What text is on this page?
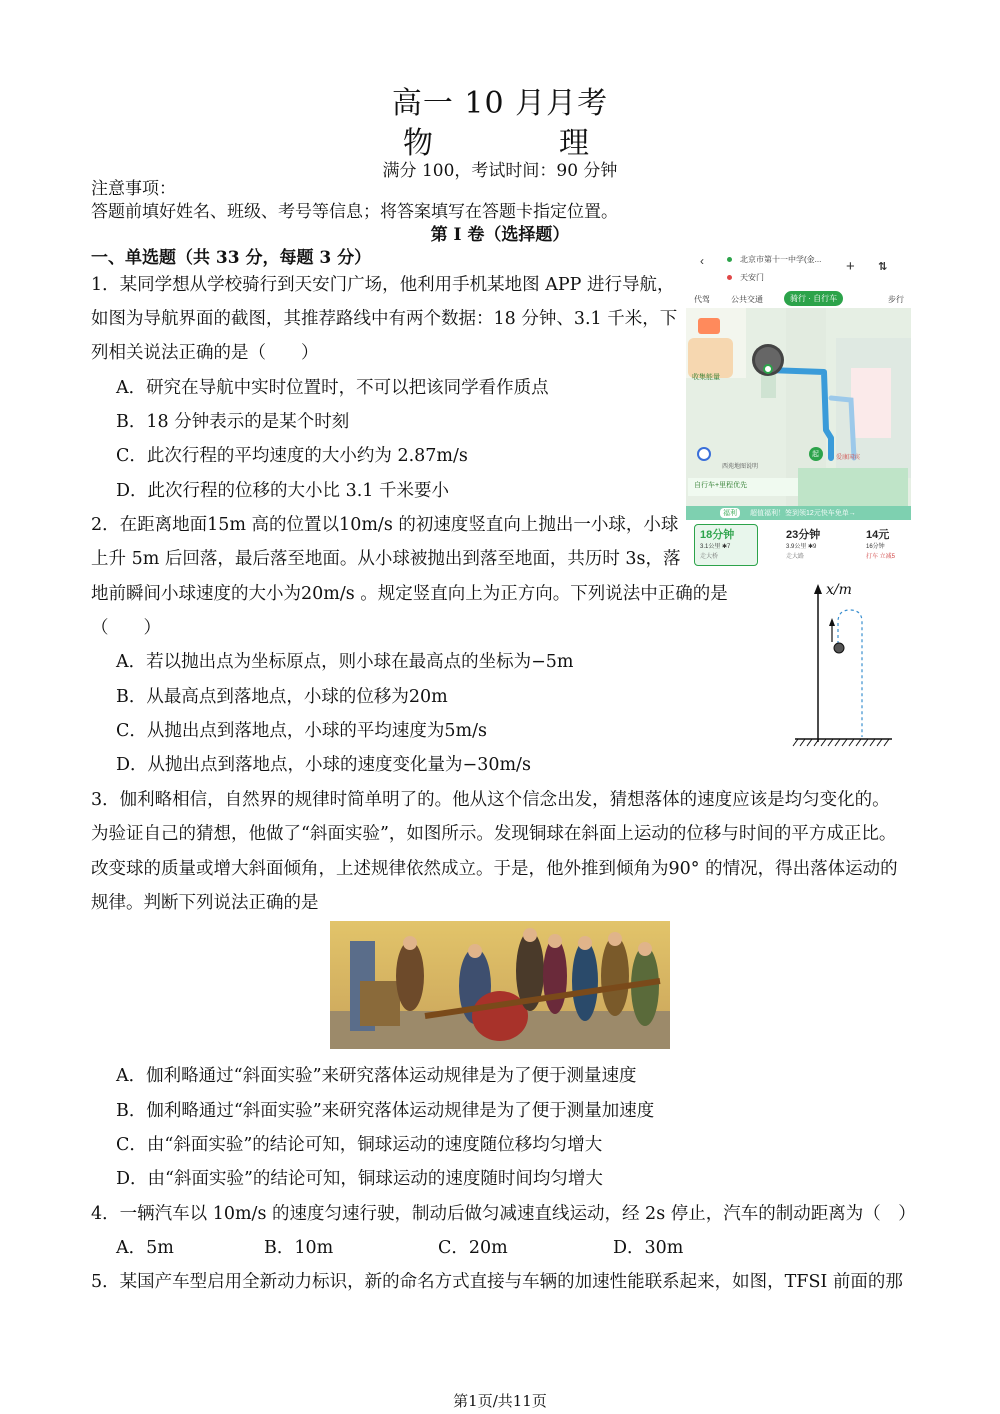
高一 10 月月考
物　理
满分 100，考试时间：90 分钟
注意事项：
答题前填好姓名、班级、考号等信息；将答案填写在答题卡指定位置。
第 I 卷（选择题）
一、单选题（共 33 分，每题 3 分）
1．某同学想从学校骑行到天安门广场，他利用手机某地图 APP 进行导航，
如图为导航界面的截图，其推荐路线中有两个数据：18 分钟、3.1 千米，下
列相关说法正确的是（　　）
A．研究在导航中实时位置时，不可以把该同学看作质点
B．18 分钟表示的是某个时刻
C．此次行程的平均速度的大小约为 2.87m/s
D．此次行程的位移的大小比 3.1 千米要小
‹	北京市第十一中学(金...
天安门
+ ⇅
代驾	公共交通	骑行 · 自行车	步行
收集能量
西苑地图说明
起	爱康国宾
自行车+里程优先
福利	超值福利！签到领12元快车免单→
18分钟
3.1公里 ✱7
走大桥
23分钟
3.9公里 ✱9
走大路
14元
16分钟
打车 立减5
2．在距离地面15m 高的位置以10m/s 的初速度竖直向上抛出一小球，小球
上升 5m 后回落，最后落至地面。从小球被抛出到落至地面，共历时 3s，落
地前瞬间小球速度的大小为20m/s 。规定竖直向上为正方向。下列说法中正确的是
（　　）
A．若以抛出点为坐标原点，则小球在最高点的坐标为−5m
B．从最高点到落地点，小球的位移为20m
C．从抛出点到落地点，小球的平均速度为5m/s
D．从抛出点到落地点，小球的速度变化量为−30m/s
x/m
3．伽利略相信，自然界的规律时简单明了的。他从这个信念出发，猜想落体的速度应该是均匀变化的。
为验证自己的猜想，他做了“斜面实验”，如图所示。发现铜球在斜面上运动的位移与时间的平方成正比。
改变球的质量或增大斜面倾角，上述规律依然成立。于是，他外推到倾角为90° 的情况，得出落体运动的
规律。判断下列说法正确的是
A．伽利略通过“斜面实验”来研究落体运动规律是为了便于测量速度
B．伽利略通过“斜面实验”来研究落体运动规律是为了便于测量加速度
C．由“斜面实验”的结论可知，铜球运动的速度随位移均匀增大
D．由“斜面实验”的结论可知，铜球运动的速度随时间均匀增大
4．一辆汽车以 10m/s 的速度匀速行驶，制动后做匀减速直线运动，经 2s 停止，汽车的制动距离为（　）
A．5m	B．10m	C．20m	D．30m
5．某国产车型启用全新动力标识，新的命名方式直接与车辆的加速性能联系起来，如图，TFSI 前面的那
第1页/共11页
